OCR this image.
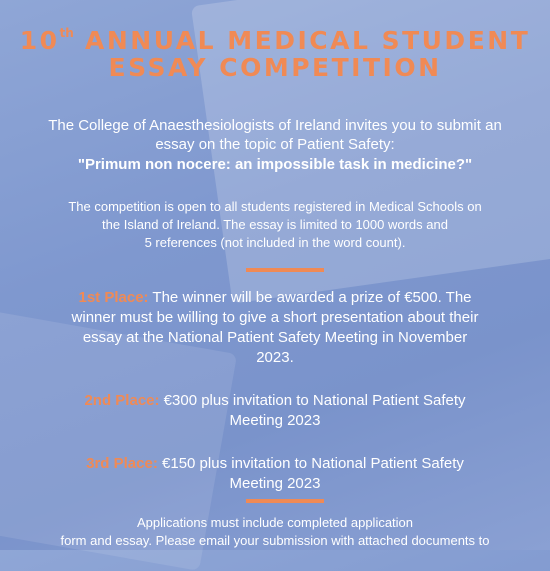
10th ANNUAL MEDICAL STUDENT
ESSAY COMPETITION
The College of Anaesthesiologists of Ireland invites you to submit an
essay on the topic of Patient Safety:
"Primum non nocere: an impossible task in medicine?"
The competition is open to all students registered in Medical Schools on
the Island of Ireland. The essay is limited to 1000 words and
5 references (not included in the word count).
1st Place: The winner will be awarded a prize of €500. The
winner must be willing to give a short presentation about their
essay at the National Patient Safety Meeting in November
2023.
2nd Place: €300 plus invitation to National Patient Safety
Meeting 2023
3rd Place: €150 plus invitation to National Patient Safety
Meeting 2023
Applications must include completed application
form and essay. Please email your submission with attached documents to
